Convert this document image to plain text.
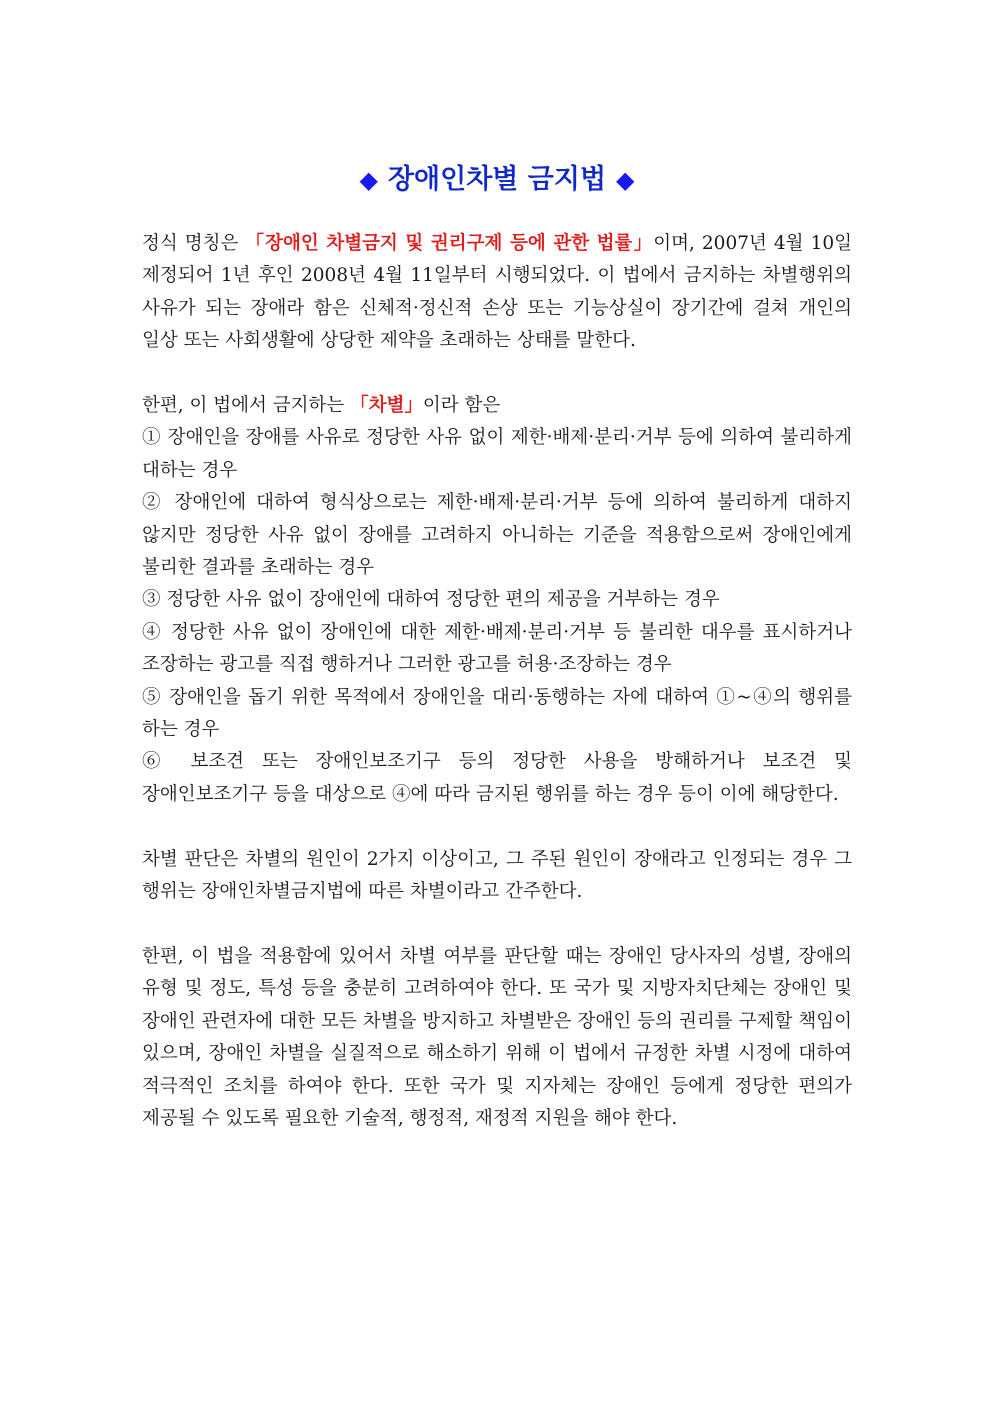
◆ 장애인차별 금지법 ◆

정식 명칭은 「장애인 차별금지 및 권리구제 등에 관한 법률」이며, 2007년 4월 10일 제정되어 1년 후인 2008년 4월 11일부터 시행되었다. 이 법에서 금지하는 차별행위의 사유가 되는 장애라 함은 신체적·정신적 손상 또는 기능상실이 장기간에 걸쳐 개인의 일상 또는 사회생활에 상당한 제약을 초래하는 상태를 말한다.

한편, 이 법에서 금지하는 「차별」이라 함은

① 장애인을 장애를 사유로 정당한 사유 없이 제한·배제·분리·거부 등에 의하여 불리하게 대하는 경우

② 장애인에 대하여 형식상으로는 제한·배제·분리·거부 등에 의하여 불리하게 대하지 않지만 정당한 사유 없이 장애를 고려하지 아니하는 기준을 적용함으로써 장애인에게 불리한 결과를 초래하는 경우

③ 정당한 사유 없이 장애인에 대하여 정당한 편의 제공을 거부하는 경우

④ 정당한 사유 없이 장애인에 대한 제한·배제·분리·거부 등 불리한 대우를 표시하거나 조장하는 광고를 직접 행하거나 그러한 광고를 허용·조장하는 경우

⑤ 장애인을 돕기 위한 목적에서 장애인을 대리·동행하는 자에 대하여 ①~④의 행위를 하는 경우

⑥ 보조견 또는 장애인보조기구 등의 정당한 사용을 방해하거나 보조견 및 장애인보조기구 등을 대상으로 ④에 따라 금지된 행위를 하는 경우 등이 이에 해당한다.

차별 판단은 차별의 원인이 2가지 이상이고, 그 주된 원인이 장애라고 인정되는 경우 그 행위는 장애인차별금지법에 따른 차별이라고 간주한다.

한편, 이 법을 적용함에 있어서 차별 여부를 판단할 때는 장애인 당사자의 성별, 장애의 유형 및 정도, 특성 등을 충분히 고려하여야 한다. 또 국가 및 지방자치단체는 장애인 및 장애인 관련자에 대한 모든 차별을 방지하고 차별받은 장애인 등의 권리를 구제할 책임이 있으며, 장애인 차별을 실질적으로 해소하기 위해 이 법에서 규정한 차별 시정에 대하여 적극적인 조치를 하여야 한다. 또한 국가 및 지자체는 장애인 등에게 정당한 편의가 제공될 수 있도록 필요한 기술적, 행정적, 재정적 지원을 해야 한다.
